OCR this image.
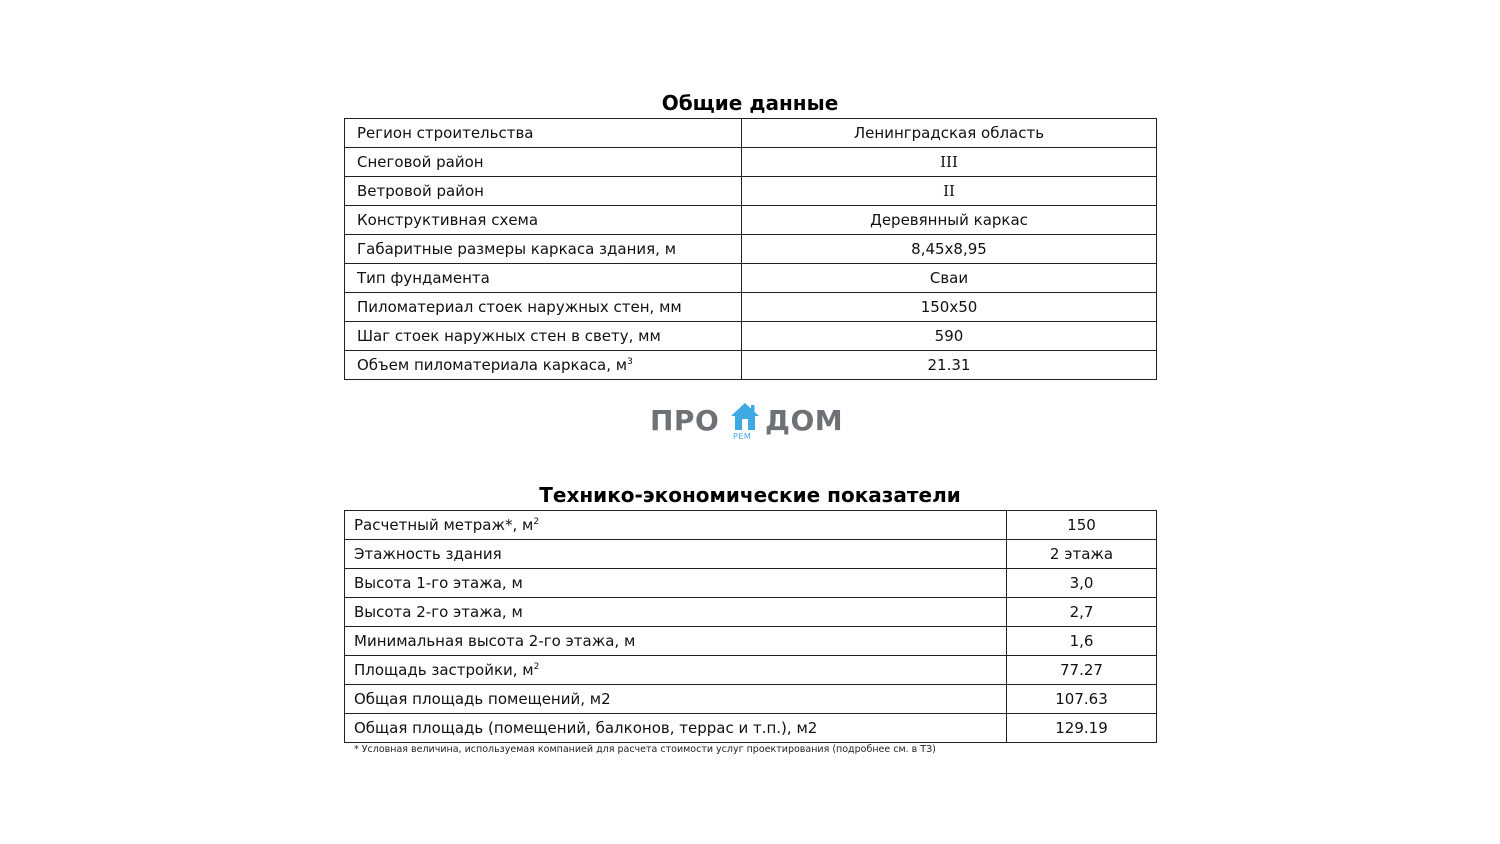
Общие данные
Регион строительства	Ленинградская область
Снеговой район	III
Ветровой район	II
Конструктивная схема	Деревянный каркас
Габаритные размеры каркаса здания, м	8,45х8,95
Тип фундамента	Сваи
Пиломатериал стоек наружных стен, мм	150х50
Шаг стоек наружных стен в свету, мм	590
Объем пиломатериала каркаса, $м^3$	21.31
ПРО РЕМ ДОМ
Технико-экономические показатели
Расчетный метраж*, $м^2$	150
Этажность здания	2 этажа
Высота 1-го этажа, м	3,0
Высота 2-го этажа, м	2,7
Минимальная высота 2-го этажа, м	1,6
Площадь застройки, $м^2$	77.27
Общая площадь помещений, м2	107.63
Общая площадь (помещений, балконов, террас и т.п.), м2	129.19
* Условная величина, используемая компанией для расчета стоимости услуг проектирования (подробнее см. в ТЗ)
